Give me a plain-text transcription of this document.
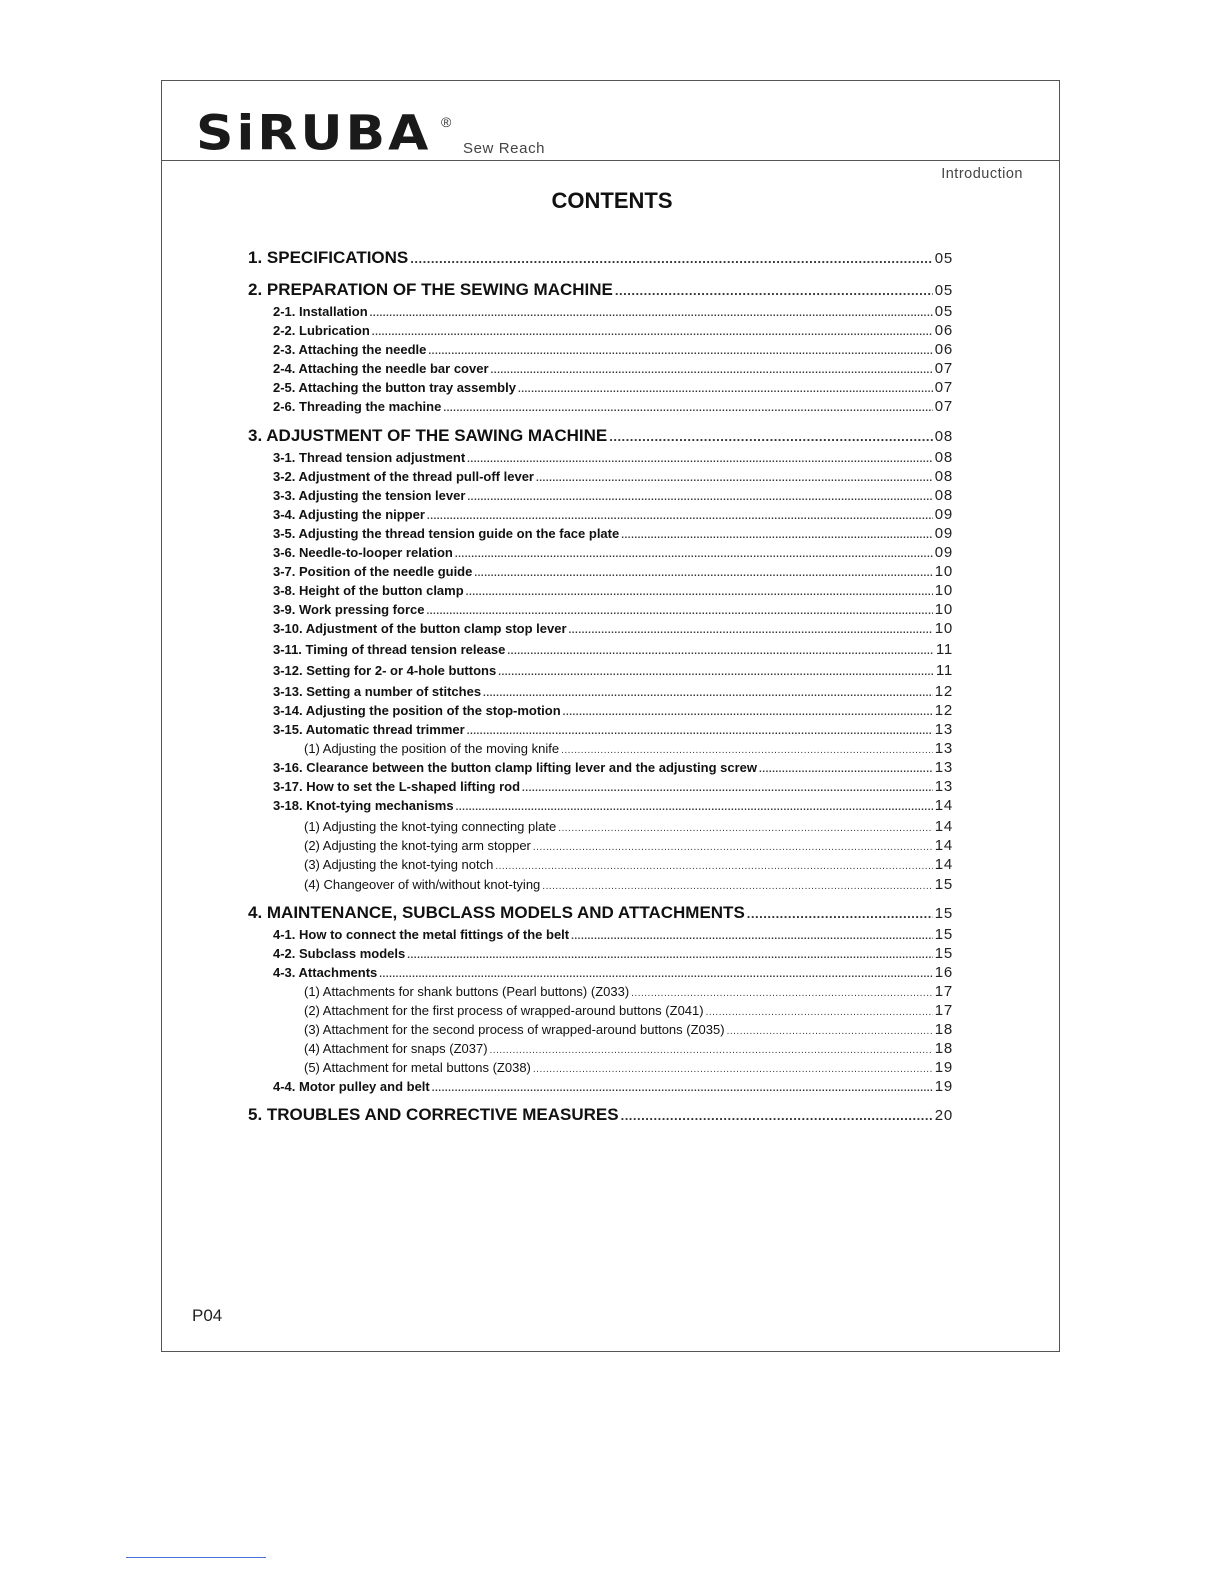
SiRUBA ®
Sew Reach
Introduction
CONTENTS
1. SPECIFICATIONS .....	05
2. PREPARATION OF THE SEWING MACHINE .....	05
2-1. Installation .....	05
2-2. Lubrication .....	06
2-3. Attaching the needle .....	06
2-4. Attaching the needle bar cover .....	07
2-5. Attaching the button tray assembly .....	07
2-6. Threading the machine .....	07
3. ADJUSTMENT OF THE SAWING MACHINE .....	08
3-1. Thread tension adjustment .....	08
3-2. Adjustment of the thread pull-off lever .....	08
3-3. Adjusting the tension lever .....	08
3-4. Adjusting the nipper .....	09
3-5. Adjusting the thread tension guide on the face plate .....	09
3-6. Needle-to-looper relation .....	09
3-7. Position of the needle guide .....	10
3-8. Height of the button clamp .....	10
3-9. Work pressing force .....	10
3-10. Adjustment of the button clamp stop lever .....	10
3-11. Timing of thread tension release .....	11
3-12. Setting for 2- or 4-hole buttons .....	11
3-13. Setting a number of stitches .....	12
3-14. Adjusting the position of the stop-motion .....	12
3-15. Automatic thread trimmer .....	13
(1) Adjusting the position of the moving knife .....	13
3-16. Clearance between the button clamp lifting lever and the adjusting screw .....	13
3-17. How to set the L-shaped lifting rod .....	13
3-18. Knot-tying mechanisms .....	14
(1) Adjusting the knot-tying connecting plate .....	14
(2) Adjusting the knot-tying arm stopper .....	14
(3) Adjusting the knot-tying notch .....	14
(4) Changeover of with/without knot-tying .....	15
4. MAINTENANCE, SUBCLASS MODELS AND ATTACHMENTS .....	15
4-1. How to connect the metal fittings of the belt .....	15
4-2. Subclass models .....	15
4-3. Attachments .....	16
(1) Attachments for shank buttons (Pearl buttons) (Z033) .....	17
(2) Attachment for the first process of wrapped-around buttons (Z041) .....	17
(3) Attachment for the second process of wrapped-around buttons (Z035) .....	18
(4) Attachment for snaps (Z037) .....	18
(5) Attachment for metal buttons (Z038) .....	19
4-4. Motor pulley and belt .....	19
5. TROUBLES AND CORRECTIVE MEASURES .....	20
P04
